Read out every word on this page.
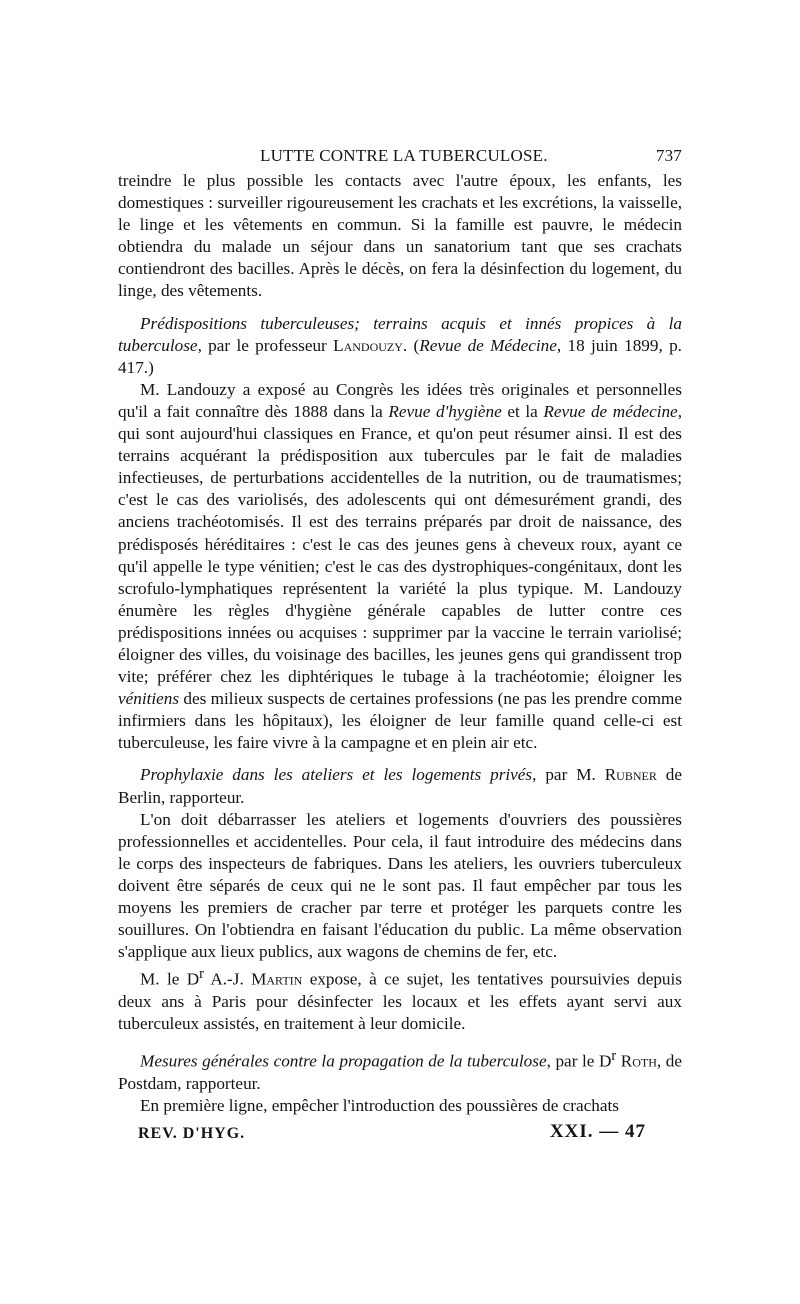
LUTTE CONTRE LA TUBERCULOSE.	737

treindre le plus possible les contacts avec l'autre époux, les enfants, les domestiques : surveiller rigoureusement les crachats et les excrétions, la vaisselle, le linge et les vêtements en commun. Si la famille est pauvre, le médecin obtiendra du malade un séjour dans un sanatorium tant que ses crachats contiendront des bacilles. Après le décès, on fera la désinfection du logement, du linge, des vêtements.

Prédispositions tuberculeuses; terrains acquis et innés propices à la tuberculose, par le professeur Landouzy. (Revue de Médecine, 18 juin 1899, p. 417.)

M. Landouzy a exposé au Congrès les idées très originales et personnelles qu'il a fait connaître dès 1888 dans la Revue d'hygiène et la Revue de médecine, qui sont aujourd'hui classiques en France, et qu'on peut résumer ainsi. Il est des terrains acquérant la prédisposition aux tubercules par le fait de maladies infectieuses, de perturbations accidentelles de la nutrition, ou de traumatismes; c'est le cas des variolisés, des adolescents qui ont démesurément grandi, des anciens trachéotomisés. Il est des terrains préparés par droit de naissance, des prédisposés héréditaires : c'est le cas des jeunes gens à cheveux roux, ayant ce qu'il appelle le type vénitien; c'est le cas des dystrophiques-congénitaux, dont les scrofulo-lymphatiques représentent la variété la plus typique. M. Landouzy énumère les règles d'hygiène générale capables de lutter contre ces prédispositions innées ou acquises : supprimer par la vaccine le terrain variolisé; éloigner des villes, du voisinage des bacilles, les jeunes gens qui grandissent trop vite; préférer chez les diphtériques le tubage à la trachéotomie; éloigner les vénitiens des milieux suspects de certaines professions (ne pas les prendre comme infirmiers dans les hôpitaux), les éloigner de leur famille quand celle-ci est tuberculeuse, les faire vivre à la campagne et en plein air etc.

Prophylaxie dans les ateliers et les logements privés, par M. Rubner de Berlin, rapporteur.

L'on doit débarrasser les ateliers et logements d'ouvriers des poussières professionnelles et accidentelles. Pour cela, il faut introduire des médecins dans le corps des inspecteurs de fabriques. Dans les ateliers, les ouvriers tuberculeux doivent être séparés de ceux qui ne le sont pas. Il faut empêcher par tous les moyens les premiers de cracher par terre et protéger les parquets contre les souillures. On l'obtiendra en faisant l'éducation du public. La même observation s'applique aux lieux publics, aux wagons de chemins de fer, etc.

M. le $D^r$ A.-J. Martin expose, à ce sujet, les tentatives poursuivies depuis deux ans à Paris pour désinfecter les locaux et les effets ayant servi aux tuberculeux assistés, en traitement à leur domicile.

Mesures générales contre la propagation de la tuberculose, par le $D^r$ Roth, de Postdam, rapporteur.

En première ligne, empêcher l'introduction des poussières de crachats

REV. D'HYG.	XXI. — 47
